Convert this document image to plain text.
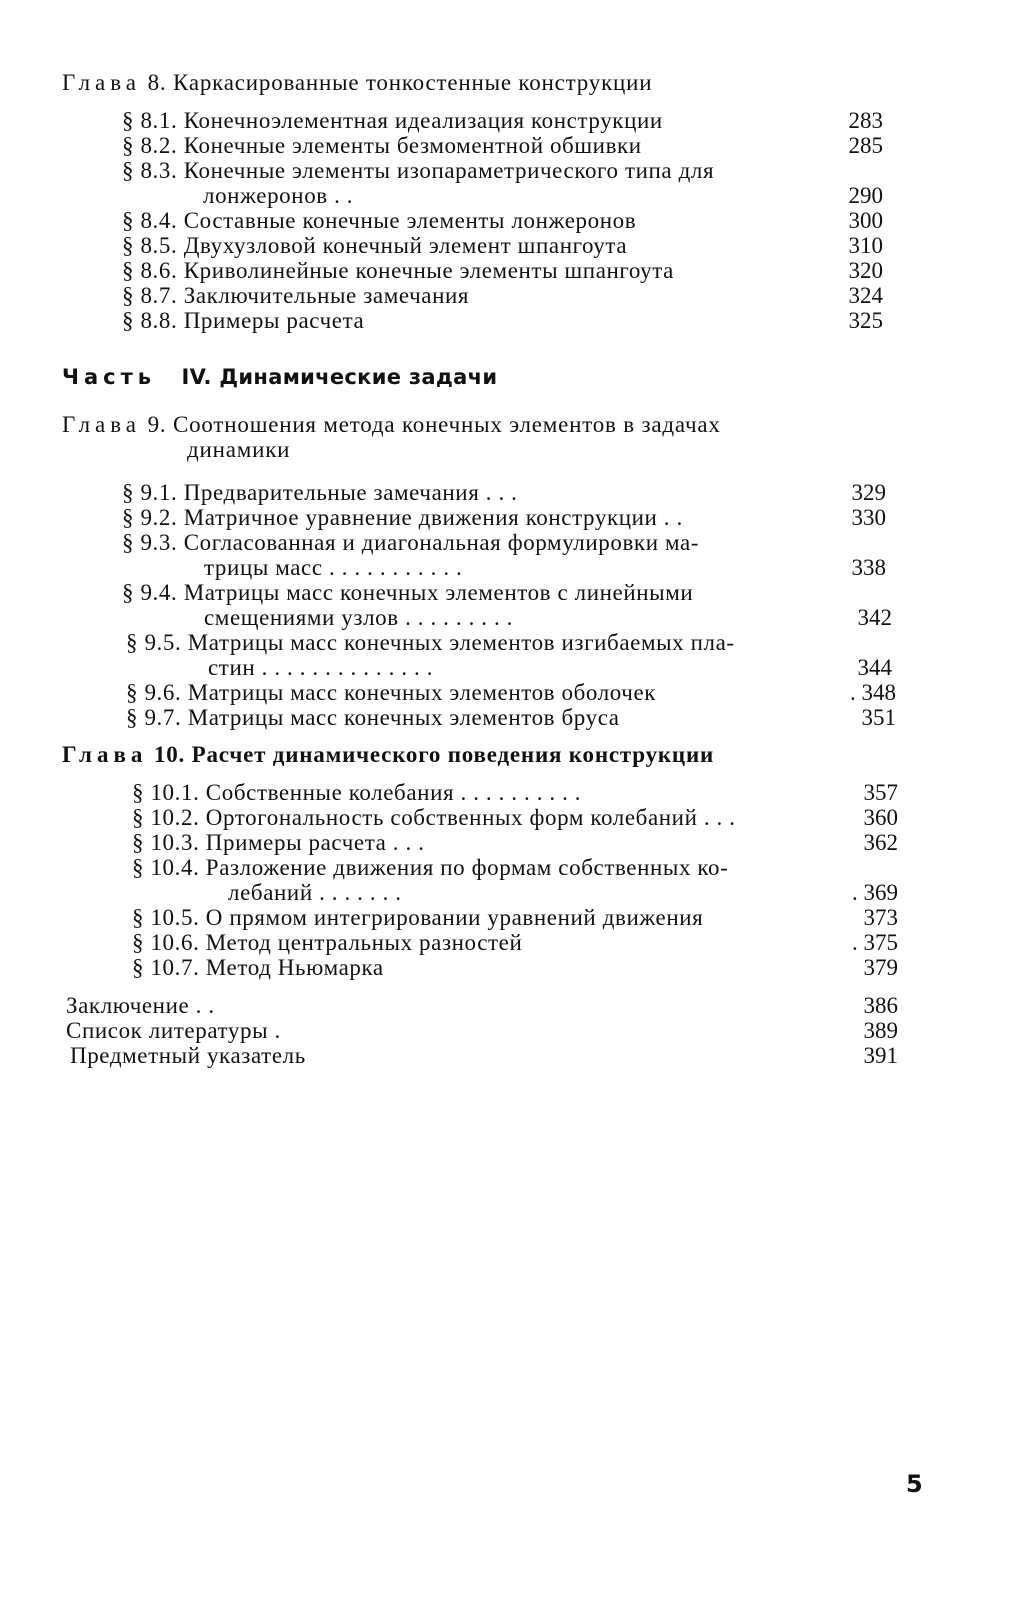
Глава 8. Каркасированные тонкостенные конструкции
§ 8.1. Конечноэлементная идеализация конструкции	283
§ 8.2. Конечные элементы безмоментной обшивки	285
§ 8.3. Конечные элементы изопараметрического типа для
лонжеронов . .	290
§ 8.4. Составные конечные элементы лонжеронов	300
§ 8.5. Двухузловой конечный элемент шпангоута	310
§ 8.6. Криволинейные конечные элементы шпангоута	320
§ 8.7. Заключительные замечания	324
§ 8.8. Примеры расчета	325
Часть IV. Динамические задачи
Глава 9. Соотношения метода конечных элементов в задачах
динамики
§ 9.1. Предварительные замечания . . .	329
§ 9.2. Матричное уравнение движения конструкции . .	330
§ 9.3. Согласованная и диагональная формулировки ма-
трицы масс . . . . . . . . . . .	338
§ 9.4. Матрицы масс конечных элементов с линейными
смещениями узлов . . . . . . . . .	342
§ 9.5. Матрицы масс конечных элементов изгибаемых пла-
стин . . . . . . . . . . . . . .	344
§ 9.6. Матрицы масс конечных элементов оболочек	. 348
§ 9.7. Матрицы масс конечных элементов бруса	351
Глава 10. Расчет динамического поведения конструкции
§ 10.1. Собственные колебания . . . . . . . . . .	357
§ 10.2. Ортогональность собственных форм колебаний . . .	360
§ 10.3. Примеры расчета . . .	362
§ 10.4. Разложение движения по формам собственных ко-
лебаний . . . . . . .	. 369
§ 10.5. О прямом интегрировании уравнений движения	373
§ 10.6. Метод центральных разностей	. 375
§ 10.7. Метод Ньюмарка	379
Заключение . .	386
Список литературы .	389
Предметный указатель	391
5
